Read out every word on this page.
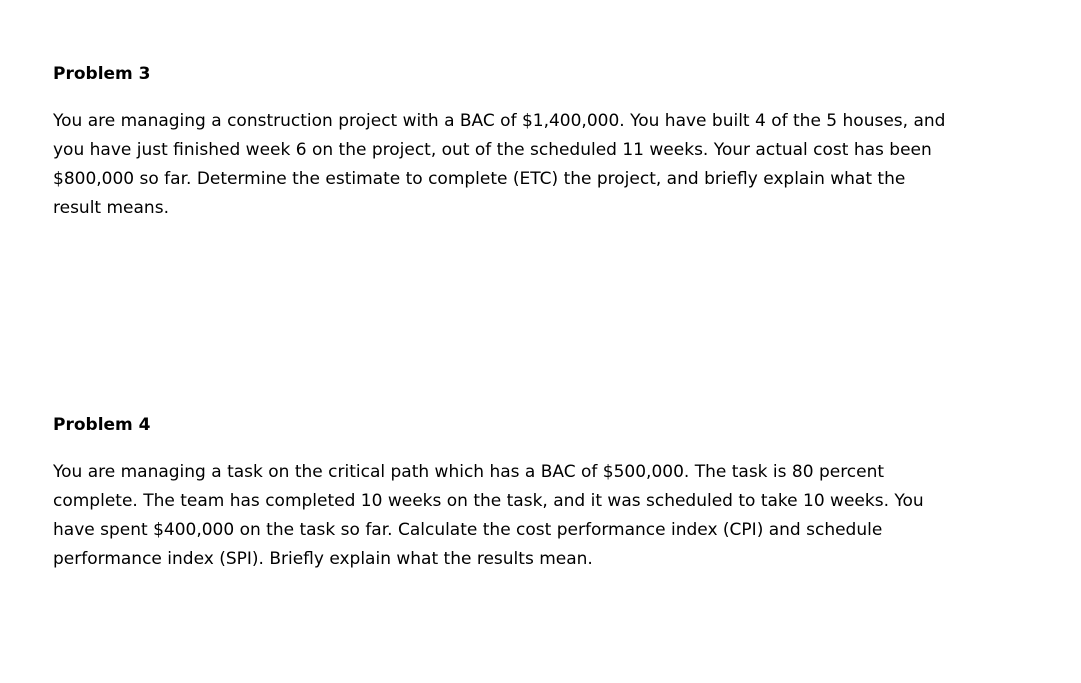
Problem 3

You are managing a construction project with a BAC of $1,400,000. You have built 4 of the 5 houses, and
you have just finished week 6 on the project, out of the scheduled 11 weeks. Your actual cost has been
$800,000 so far. Determine the estimate to complete (ETC) the project, and briefly explain what the
result means.

Problem 4

You are managing a task on the critical path which has a BAC of $500,000. The task is 80 percent
complete. The team has completed 10 weeks on the task, and it was scheduled to take 10 weeks. You
have spent $400,000 on the task so far. Calculate the cost performance index (CPI) and schedule
performance index (SPI). Briefly explain what the results mean.
